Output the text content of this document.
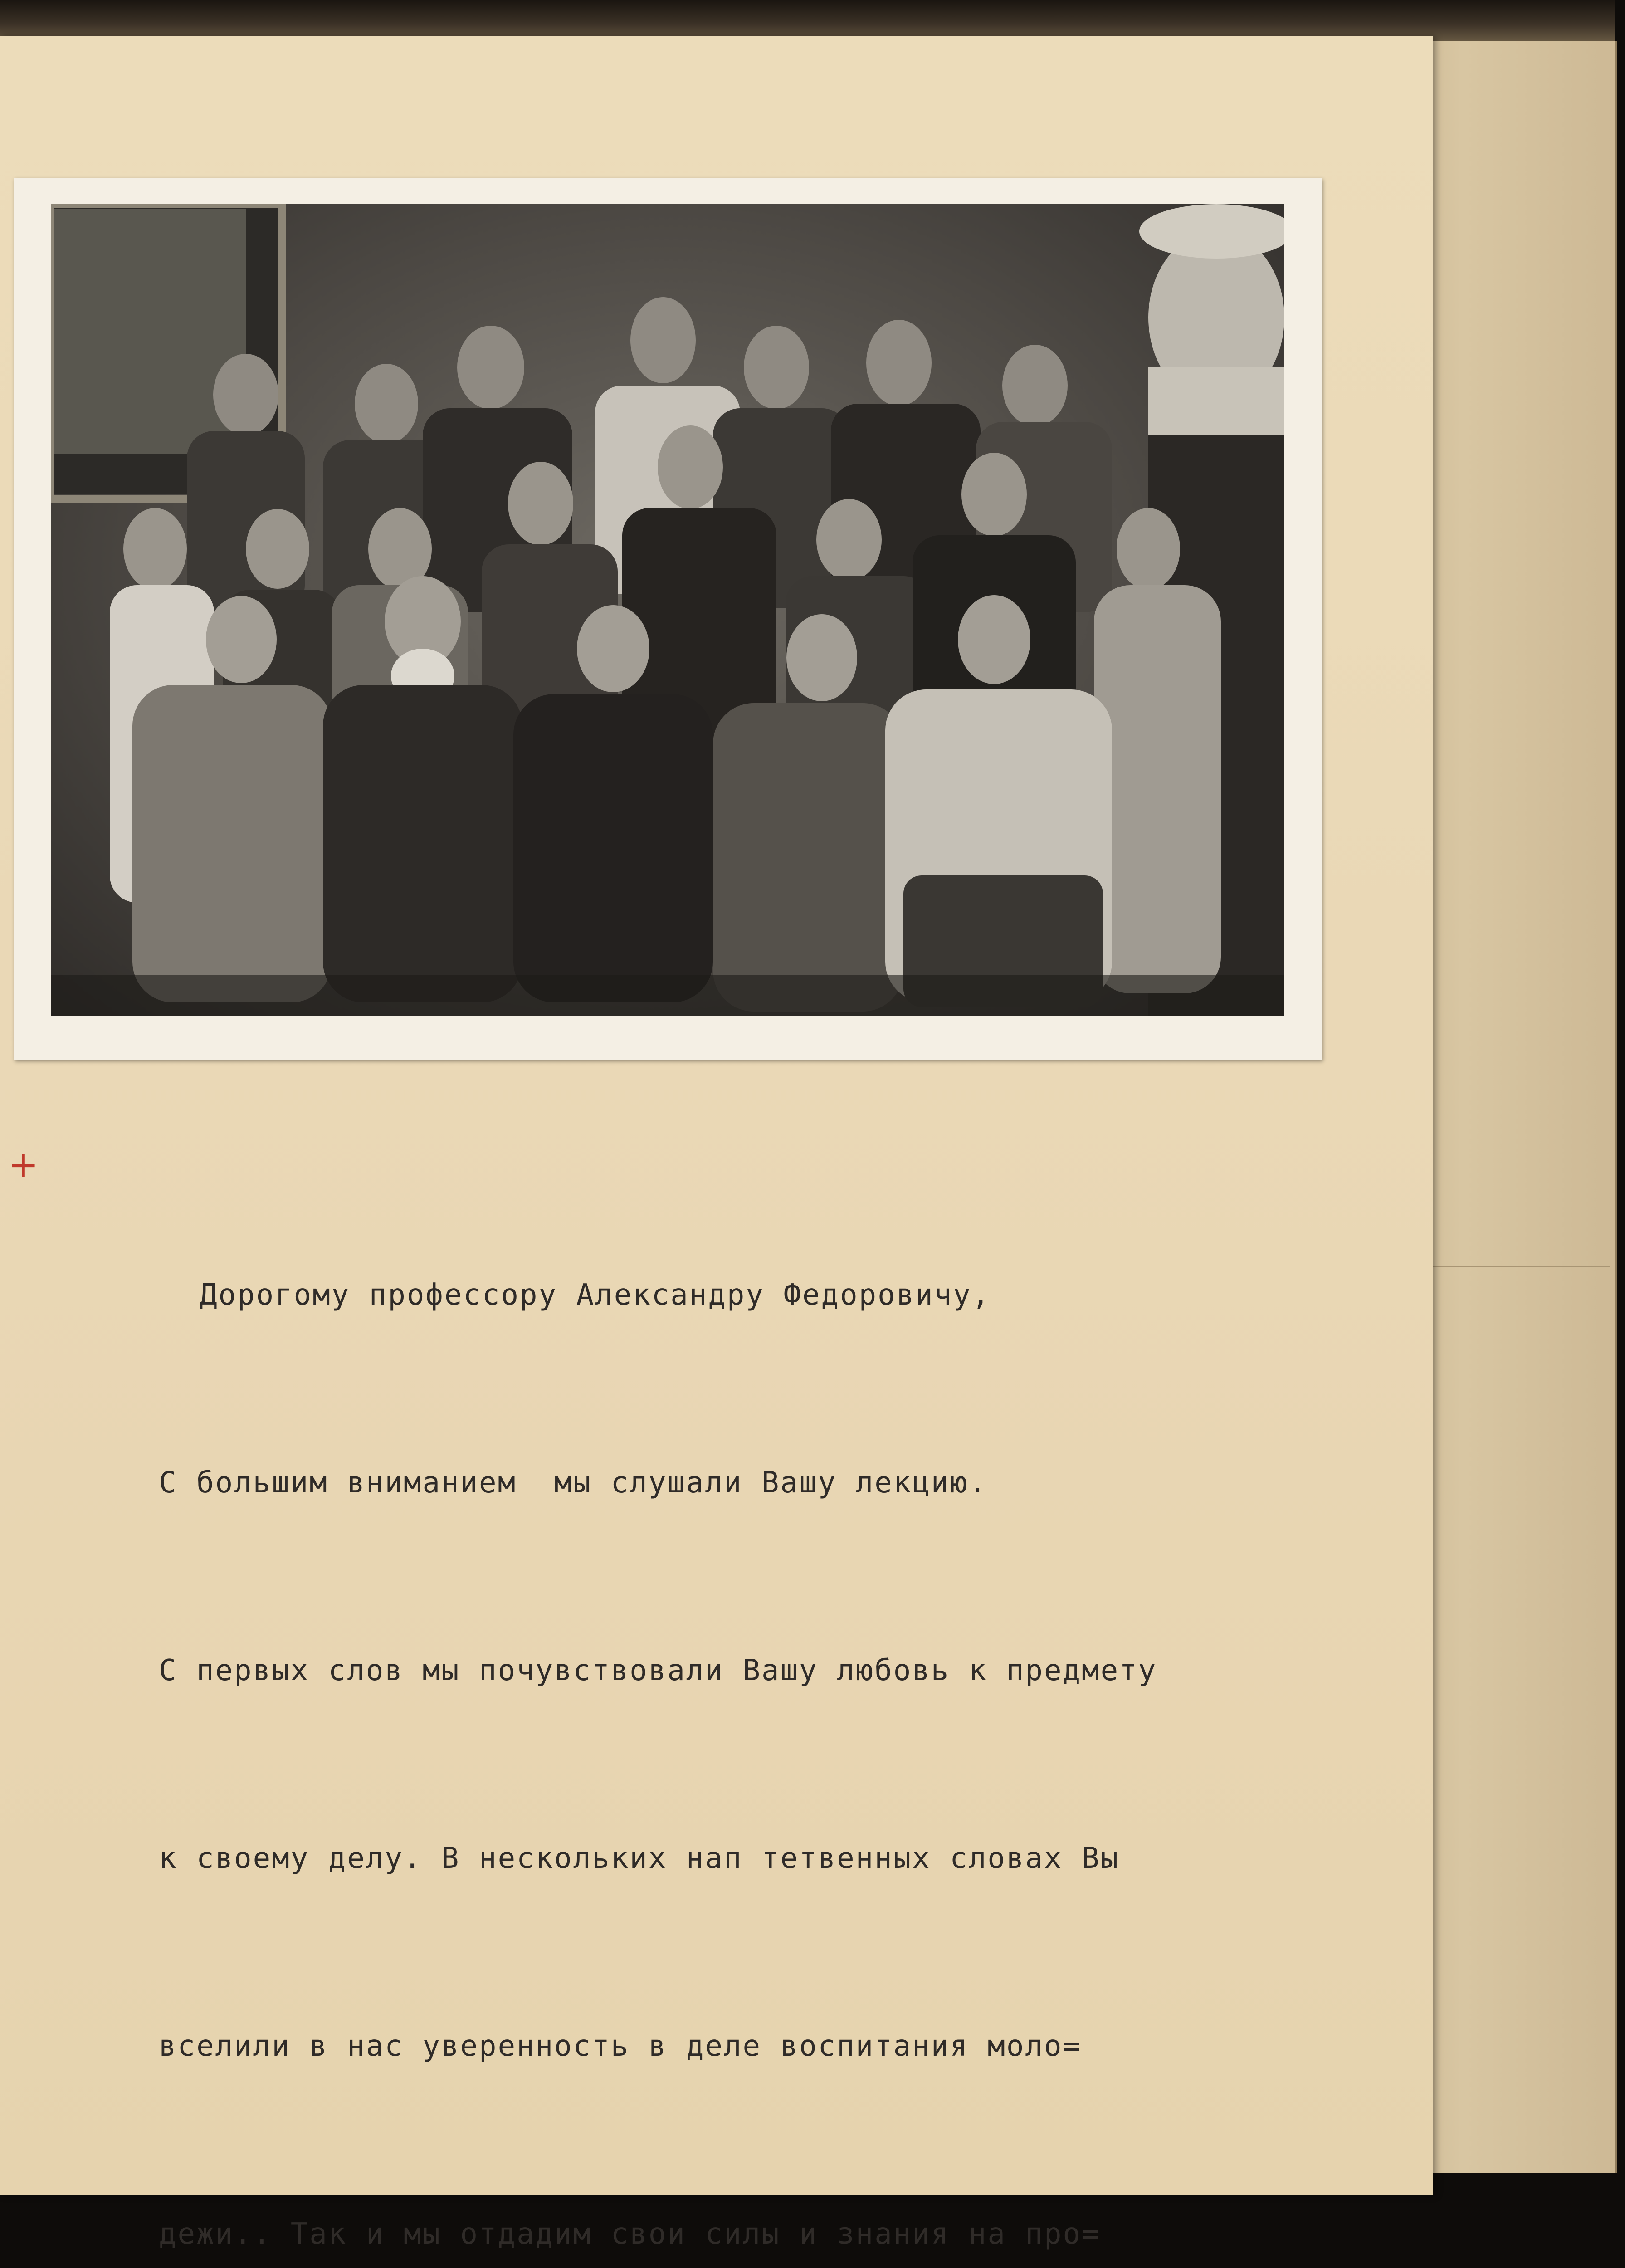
+

Дорогому профессору Александру Федоровичу,

С большим вниманием  мы слушали Вашу лекцию.

С первых слов мы почувствовали Вашу любовь к предмету

к своему делу. В нескольких нап тетвенных словах Вы

вселили в нас уверенность в деле воспитания моло=

дежи.. Так и мы отдадим свои силы и знания на про=
